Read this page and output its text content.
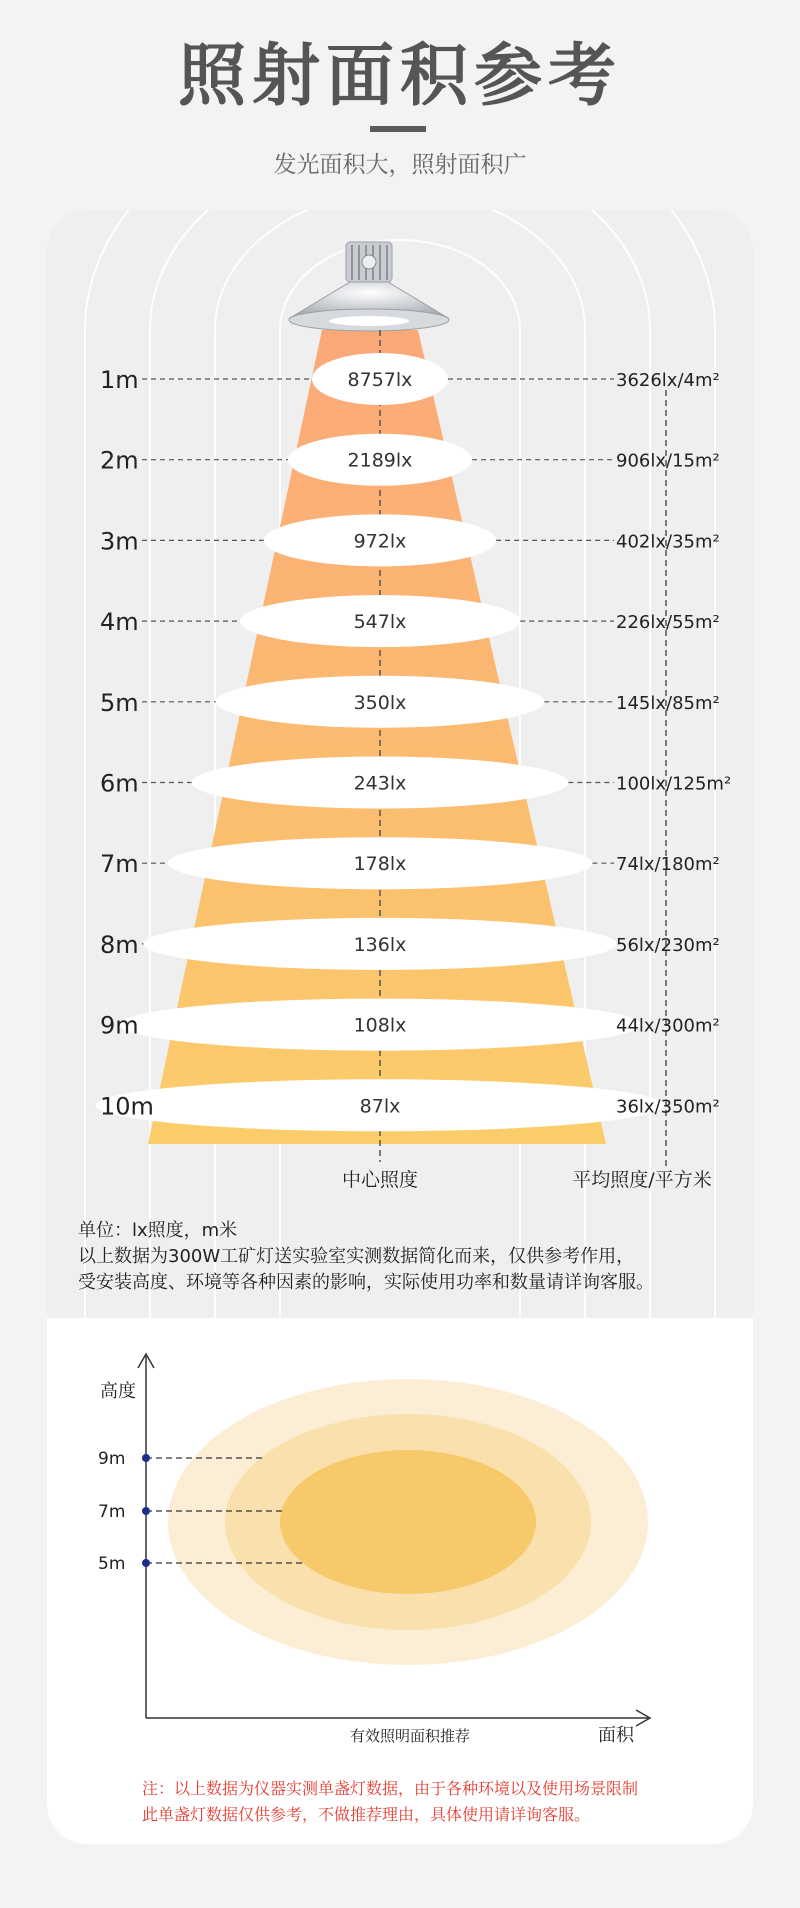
照射面积参考
发光面积大，照射面积广
1m	8757lx	3626lx/4m²
2m	2189lx	906lx/15m²
3m	972lx	402lx/35m²
4m	547lx	226lx/55m²
5m	350lx	145lx/85m²
6m	243lx	100lx/125m²
7m	178lx	74lx/180m²
8m	136lx	56lx/230m²
9m	108lx	44lx/300m²
10m	87lx	36lx/350m²
中心照度	平均照度/平方米
高度
面积
有效照明面积推荐
9m
7m
5m
单位：lx照度，m米
以上数据为300W工矿灯送实验室实测数据简化而来，仅供参考作用，
受安装高度、环境等各种因素的影响，实际使用功率和数量请详询客服。
注：以上数据为仪器实测单盏灯数据，由于各种环境以及使用场景限制
此单盏灯数据仅供参考，不做推荐理由，具体使用请详询客服。
